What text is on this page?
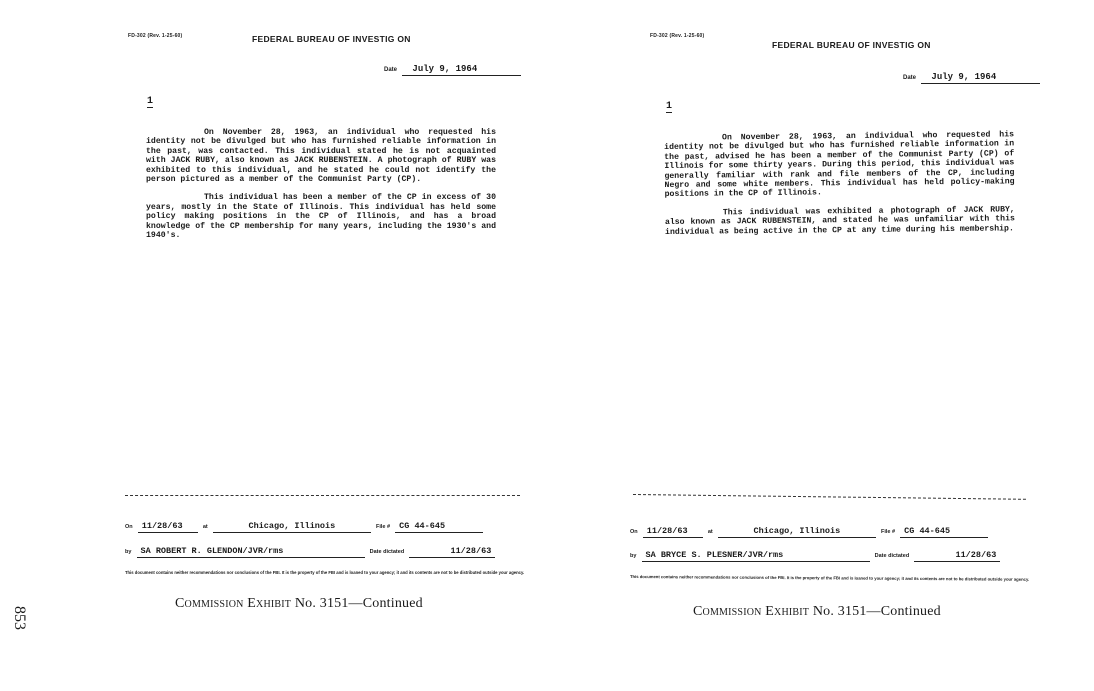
853
FD-302 (Rev. 1-25-60)	FEDERAL BUREAU OF INVESTIG ON
Date July 9, 1964
1

On November 28, 1963, an individual who requested his identity not be divulged but who has furnished reliable information in the past, was contacted. This individual stated he is not acquainted with JACK RUBY, also known as JACK RUBENSTEIN. A photograph of RUBY was exhibited to this individual, and he stated he could not identify the person pictured as a member of the Communist Party (CP).

This individual has been a member of the CP in excess of 30 years, mostly in the State of Illinois. This individual has held some policy making positions in the CP of Illinois, and has a broad knowledge of the CP membership for many years, including the 1930's and 1940's.

On 11/28/63	at	Chicago, Illinois	File # CG 44-645
by SA ROBERT R. GLENDON/JVR/rms	Date dictated	11/28/63
This document contains neither recommendations nor conclusions of the FBI. It is the property of the FBI and is loaned to your agency; it and its contents are not to be distributed outside your agency.
Commission Exhibit No. 3151—Continued
FD-302 (Rev. 1-25-60)
FEDERAL BUREAU OF INVESTIG ON
Date July 9, 1964
1

On November 28, 1963, an individual who requested his identity not be divulged but who has furnished reliable information in the past, advised he has been a member of the Communist Party (CP) of Illinois for some thirty years. During this period, this individual was generally familiar with rank and file members of the CP, including Negro and some white members. This individual has held policy-making positions in the CP of Illinois.

This individual was exhibited a photograph of JACK RUBY, also known as JACK RUBENSTEIN, and stated he was unfamiliar with this individual as being active in the CP at any time during his membership.

On 11/28/63	at	Chicago, Illinois	File # CG 44-645
by SA BRYCE S. PLESNER/JVR/rms	Date dictated	11/28/63
This document contains neither recommendations nor conclusions of the FBI. It is the property of the FBI and is loaned to your agency; it and its contents are not to be distributed outside your agency.
Commission Exhibit No. 3151—Continued
